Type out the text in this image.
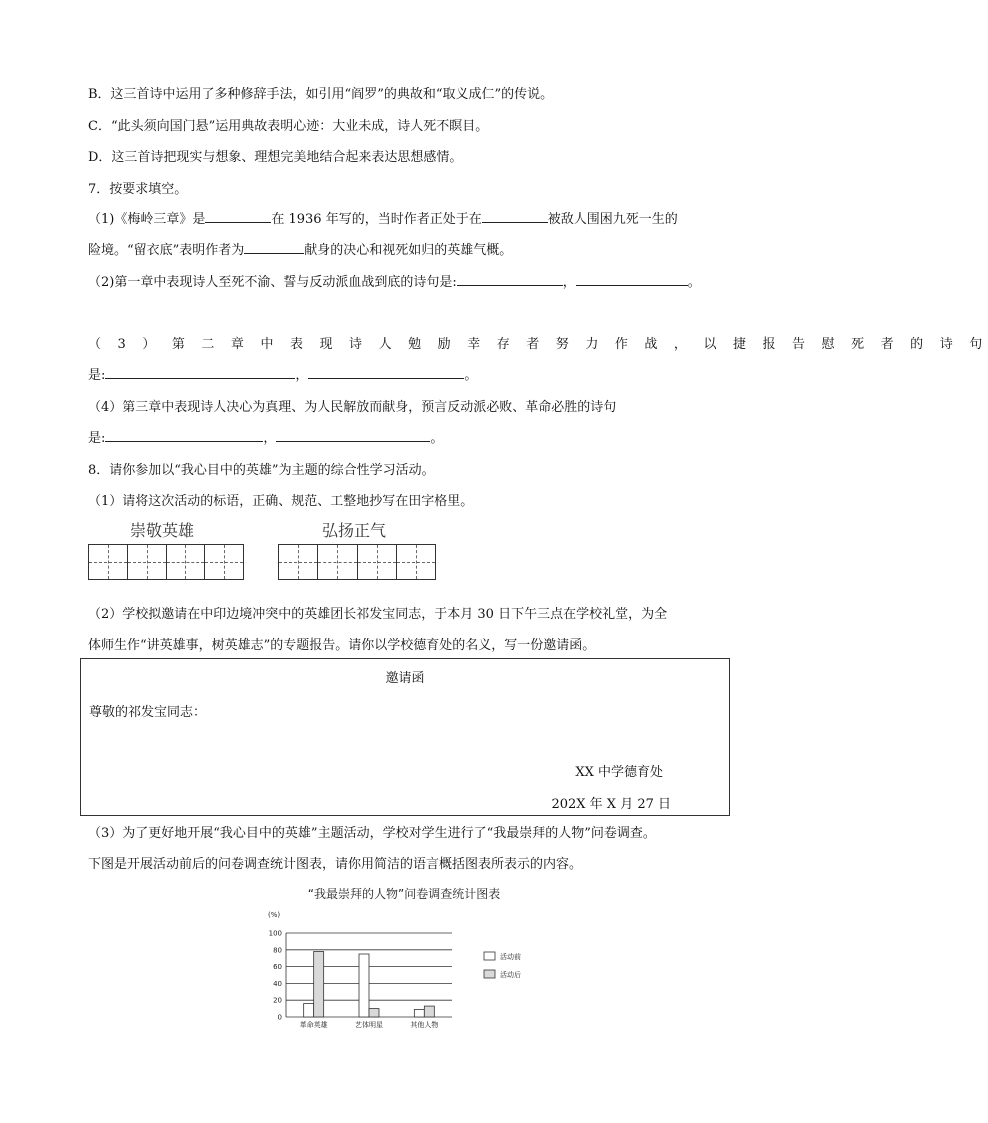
B．这三首诗中运用了多种修辞手法，如引用“阎罗”的典故和“取义成仁”的传说。
C．“此头须向国门悬”运用典故表明心迹：大业未成，诗人死不瞑目。
D．这三首诗把现实与想象、理想完美地结合起来表达思想感情。
7．按要求填空。
（1)《梅岭三章》是	在 1936 年写的，当时作者正处于在	被敌人围困九死一生的
险境。“留衣底”表明作者为	献身的决心和视死如归的英雄气概。
（2)第一章中表现诗人至死不渝、誓与反动派血战到底的诗句是:	，	。
（ 3 ） 第 二 章 中 表 现 诗 人 勉 励 幸 存 者 努 力 作 战 ， 以 捷 报 告 慰 死 者 的 诗 句
是:	，	。
（4）第三章中表现诗人决心为真理、为人民解放而献身，预言反动派必败、革命必胜的诗句
是:	，	。
8．请你参加以“我心目中的英雄”为主题的综合性学习活动。
（1）请将这次活动的标语，正确、规范、工整地抄写在田字格里。
崇敬英雄	弘扬正气
（2）学校拟邀请在中印边境冲突中的英雄团长祁发宝同志，于本月 30 日下午三点在学校礼堂，为全
体师生作“讲英雄事，树英雄志”的专题报告。请你以学校德育处的名义，写一份邀请函。
邀请函
尊敬的祁发宝同志：
XX 中学德育处
202X 年 X 月 27 日
（3）为了更好地开展“我心目中的英雄”主题活动，学校对学生进行了“我最崇拜的人物”问卷调查。
下图是开展活动前后的问卷调查统计图表，请你用简洁的语言概括图表所表示的内容。
“我最崇拜的人物”问卷调查统计图表
(%)
0
20
40
60
80
100
革命英雄	艺体明星	其他人物
活动前
活动后
